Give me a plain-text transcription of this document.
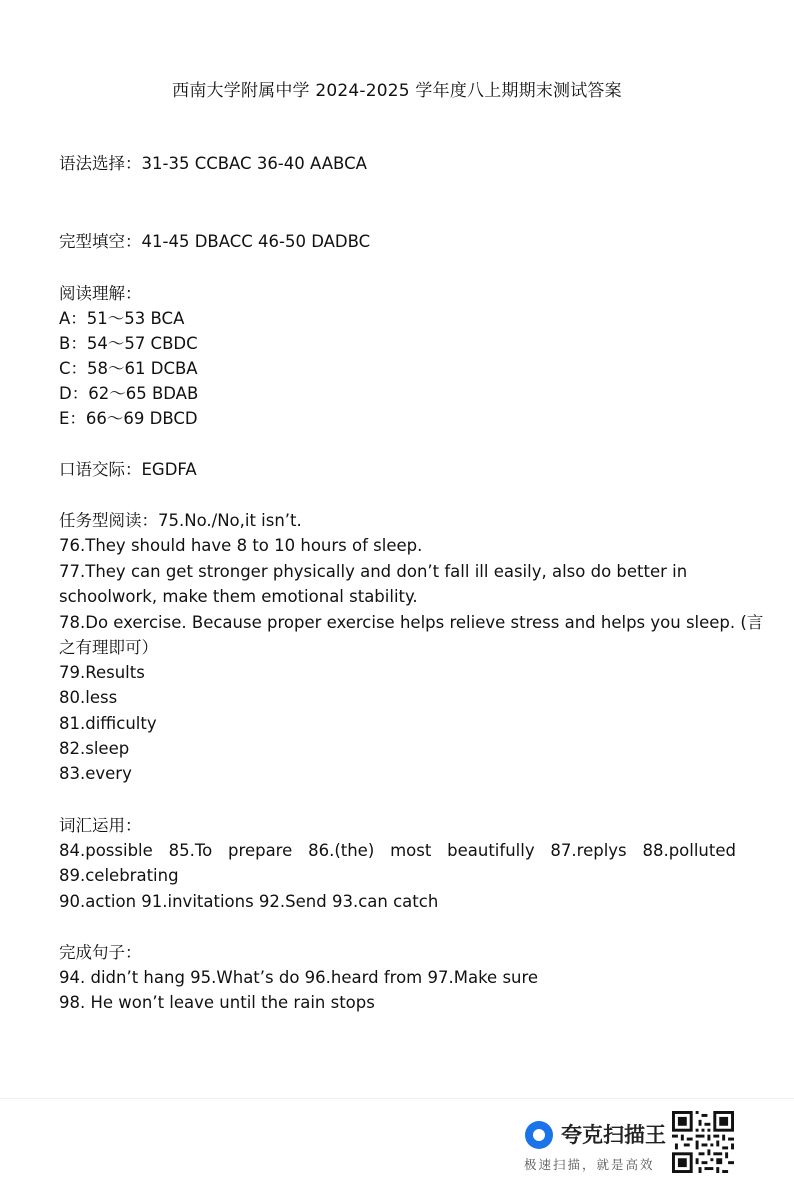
西南大学附属中学 2024-2025 学年度八上期期末测试答案
语法选择：31-35 CCBAC 36-40 AABCA
完型填空：41-45 DBACC 46-50 DADBC
阅读理解：
A：51～53 BCA
B：54～57 CBDC
C：58～61 DCBA
D：62～65 BDAB
E：66～69 DBCD
口语交际：EGDFA
任务型阅读：75.No./No,it isn’t.
76.They should have 8 to 10 hours of sleep.
77.They can get stronger physically and don’t fall ill easily, also do better in
schoolwork, make them emotional stability.
78.Do exercise. Because proper exercise helps relieve stress and helps you sleep. (言
之有理即可）
79.Results
80.less
81.difficulty
82.sleep
83.every
词汇运用：
84.possible 85.To prepare 86.(the) most beautifully 87.replys 88.polluted
89.celebrating
90.action 91.invitations 92.Send 93.can catch
完成句子：
94. didn’t hang 95.What’s do 96.heard from 97.Make sure
98. He won’t leave until the rain stops
夸克扫描王
极速扫描，就是高效
